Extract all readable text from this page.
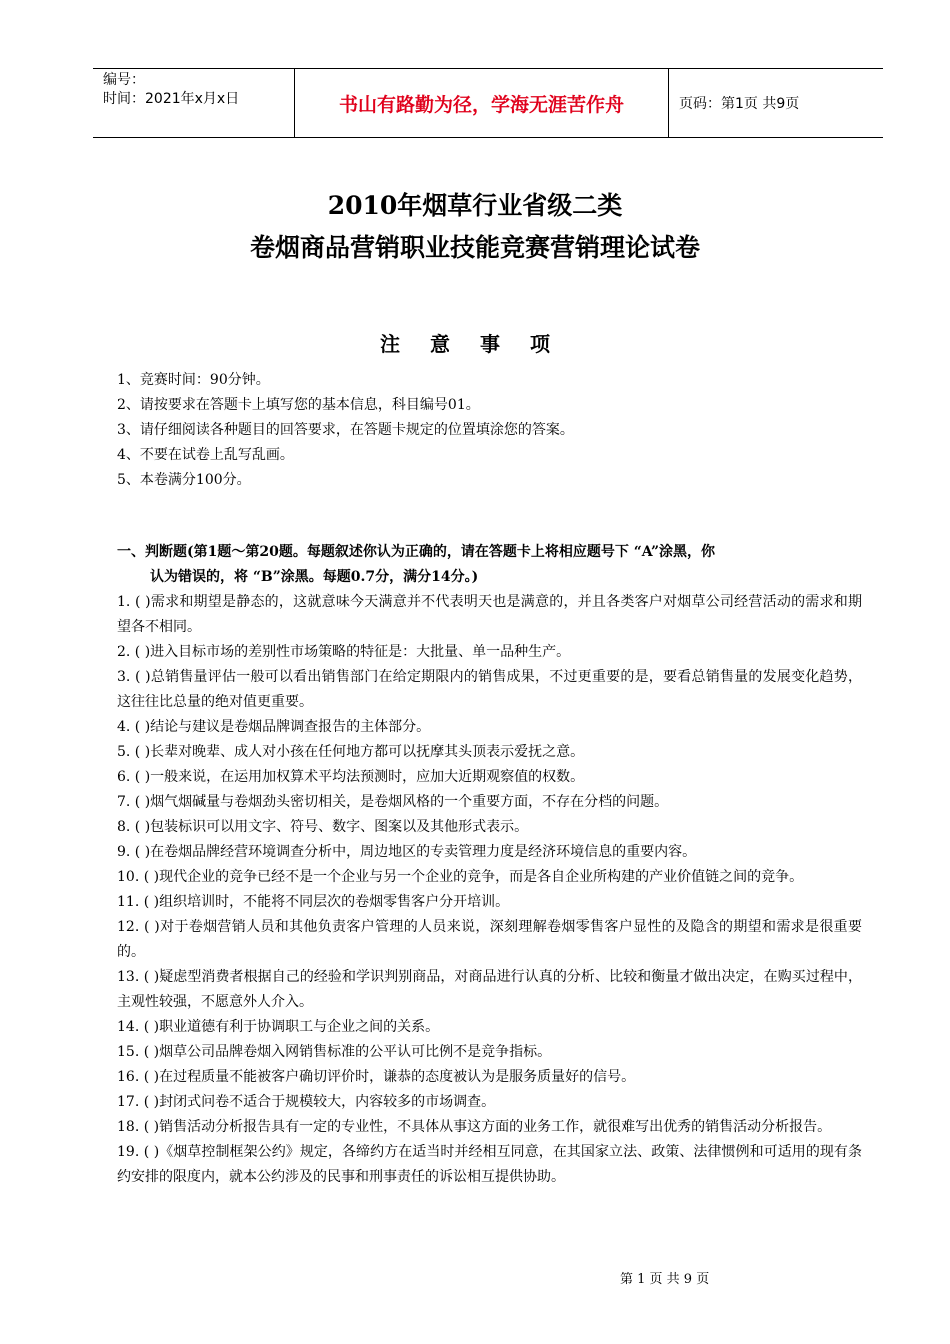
编号：
时间：2021年x月x日	书山有路勤为径，学海无涯苦作舟	页码：第1页 共9页
2010年烟草行业省级二类
卷烟商品营销职业技能竞赛营销理论试卷
注意事项
1、竞赛时间：90分钟。
2、请按要求在答题卡上填写您的基本信息，科目编号01。
3、请仔细阅读各种题目的回答要求，在答题卡规定的位置填涂您的答案。
4、不要在试卷上乱写乱画。
5、本卷满分100分。
一、判断题(第1题～第20题。每题叙述你认为正确的，请在答题卡上将相应题号下 “A”涂黑，你
认为错误的，将 “B”涂黑。每题0.7分，满分14分。)
1. ( )需求和期望是静态的，这就意味今天满意并不代表明天也是满意的，并且各类客户对烟草公司经营活动的需求和期望各不相同。
2. ( )进入目标市场的差别性市场策略的特征是：大批量、单一品种生产。
3. ( )总销售量评估一般可以看出销售部门在给定期限内的销售成果，不过更重要的是，要看总销售量的发展变化趋势，这往往比总量的绝对值更重要。
4. ( )结论与建议是卷烟品牌调查报告的主体部分。
5. ( )长辈对晚辈、成人对小孩在任何地方都可以抚摩其头顶表示爱抚之意。
6. ( )一般来说，在运用加权算术平均法预测时，应加大近期观察值的权数。
7. ( )烟气烟碱量与卷烟劲头密切相关，是卷烟风格的一个重要方面，不存在分档的问题。
8. ( )包装标识可以用文字、符号、数字、图案以及其他形式表示。
9. ( )在卷烟品牌经营环境调查分析中，周边地区的专卖管理力度是经济环境信息的重要内容。
10. ( )现代企业的竞争已经不是一个企业与另一个企业的竞争，而是各自企业所构建的产业价值链之间的竞争。
11. ( )组织培训时，不能将不同层次的卷烟零售客户分开培训。
12. ( )对于卷烟营销人员和其他负责客户管理的人员来说，深刻理解卷烟零售客户显性的及隐含的期望和需求是很重要的。
13. ( )疑虑型消费者根据自己的经验和学识判别商品，对商品进行认真的分析、比较和衡量才做出决定，在购买过程中，主观性较强，不愿意外人介入。
14. ( )职业道德有利于协调职工与企业之间的关系。
15. ( )烟草公司品牌卷烟入网销售标准的公平认可比例不是竞争指标。
16. ( )在过程质量不能被客户确切评价时，谦恭的态度被认为是服务质量好的信号。
17. ( )封闭式问卷不适合于规模较大，内容较多的市场调查。
18. ( )销售活动分析报告具有一定的专业性，不具体从事这方面的业务工作，就很难写出优秀的销售活动分析报告。
19. ( )《烟草控制框架公约》规定，各缔约方在适当时并经相互同意，在其国家立法、政策、法律惯例和可适用的现有条约安排的限度内，就本公约涉及的民事和刑事责任的诉讼相互提供协助。
第 1 页 共 9 页
